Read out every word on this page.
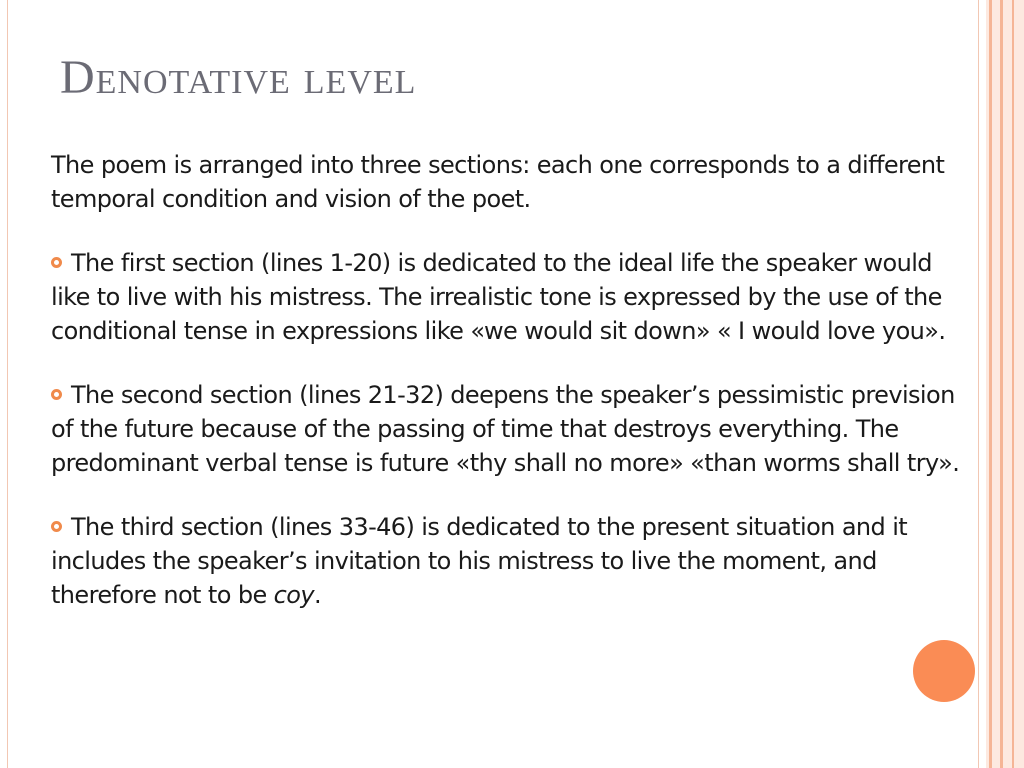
Denotative level

The poem is arranged into three sections: each one corresponds to a different temporal condition and vision of the poet.

The first section (lines 1-20) is dedicated to the ideal life the speaker would like to live with his mistress. The irrealistic tone is expressed by the use of the conditional tense in expressions like «we would sit down» « I would love you».

The second section (lines 21-32) deepens the speaker’s pessimistic prevision of the future because of the passing of time that destroys everything. The predominant verbal tense is future «thy shall no more» «than worms shall try».

The third section (lines 33-46) is dedicated to the present situation and it includes the speaker’s invitation to his mistress to live the moment, and therefore not to be coy.
